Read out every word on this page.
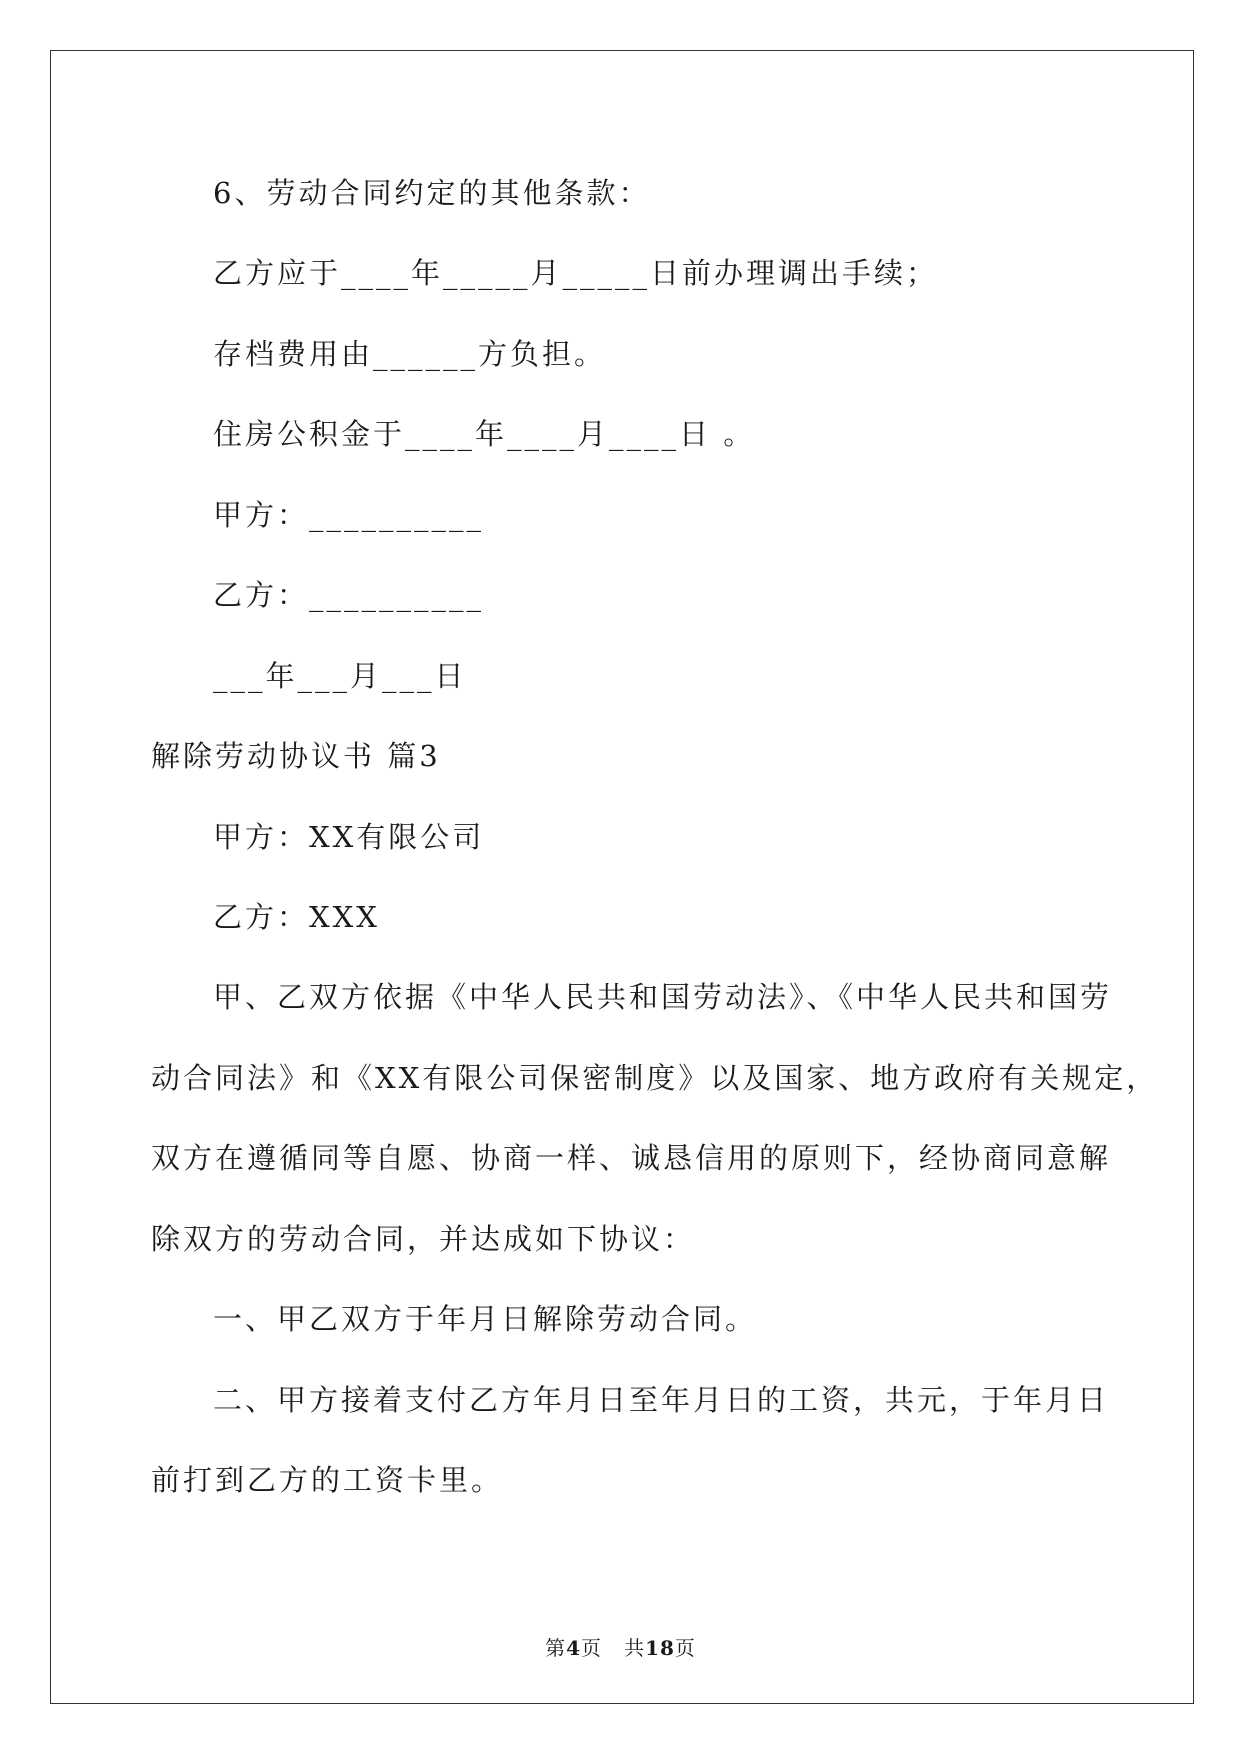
6、劳动合同约定的其他条款：
乙方应于____年_____月_____日前办理调出手续；
存档费用由______方负担。
住房公积金于____年____月____日 。
甲方：__________
乙方：__________
___年___月___日
解除劳动协议书 篇3
甲方：XX有限公司
乙方：XXX
甲、乙双方依据《中华人民共和国劳动法》、《中华人民共和国劳
动合同法》和《XX有限公司保密制度》以及国家、地方政府有关规定，
双方在遵循同等自愿、协商一样、诚恳信用的原则下，经协商同意解
除双方的劳动合同，并达成如下协议：
一、甲乙双方于年月日解除劳动合同。
二、甲方接着支付乙方年月日至年月日的工资，共元，于年月日
前打到乙方的工资卡里。
第4页 共18页
